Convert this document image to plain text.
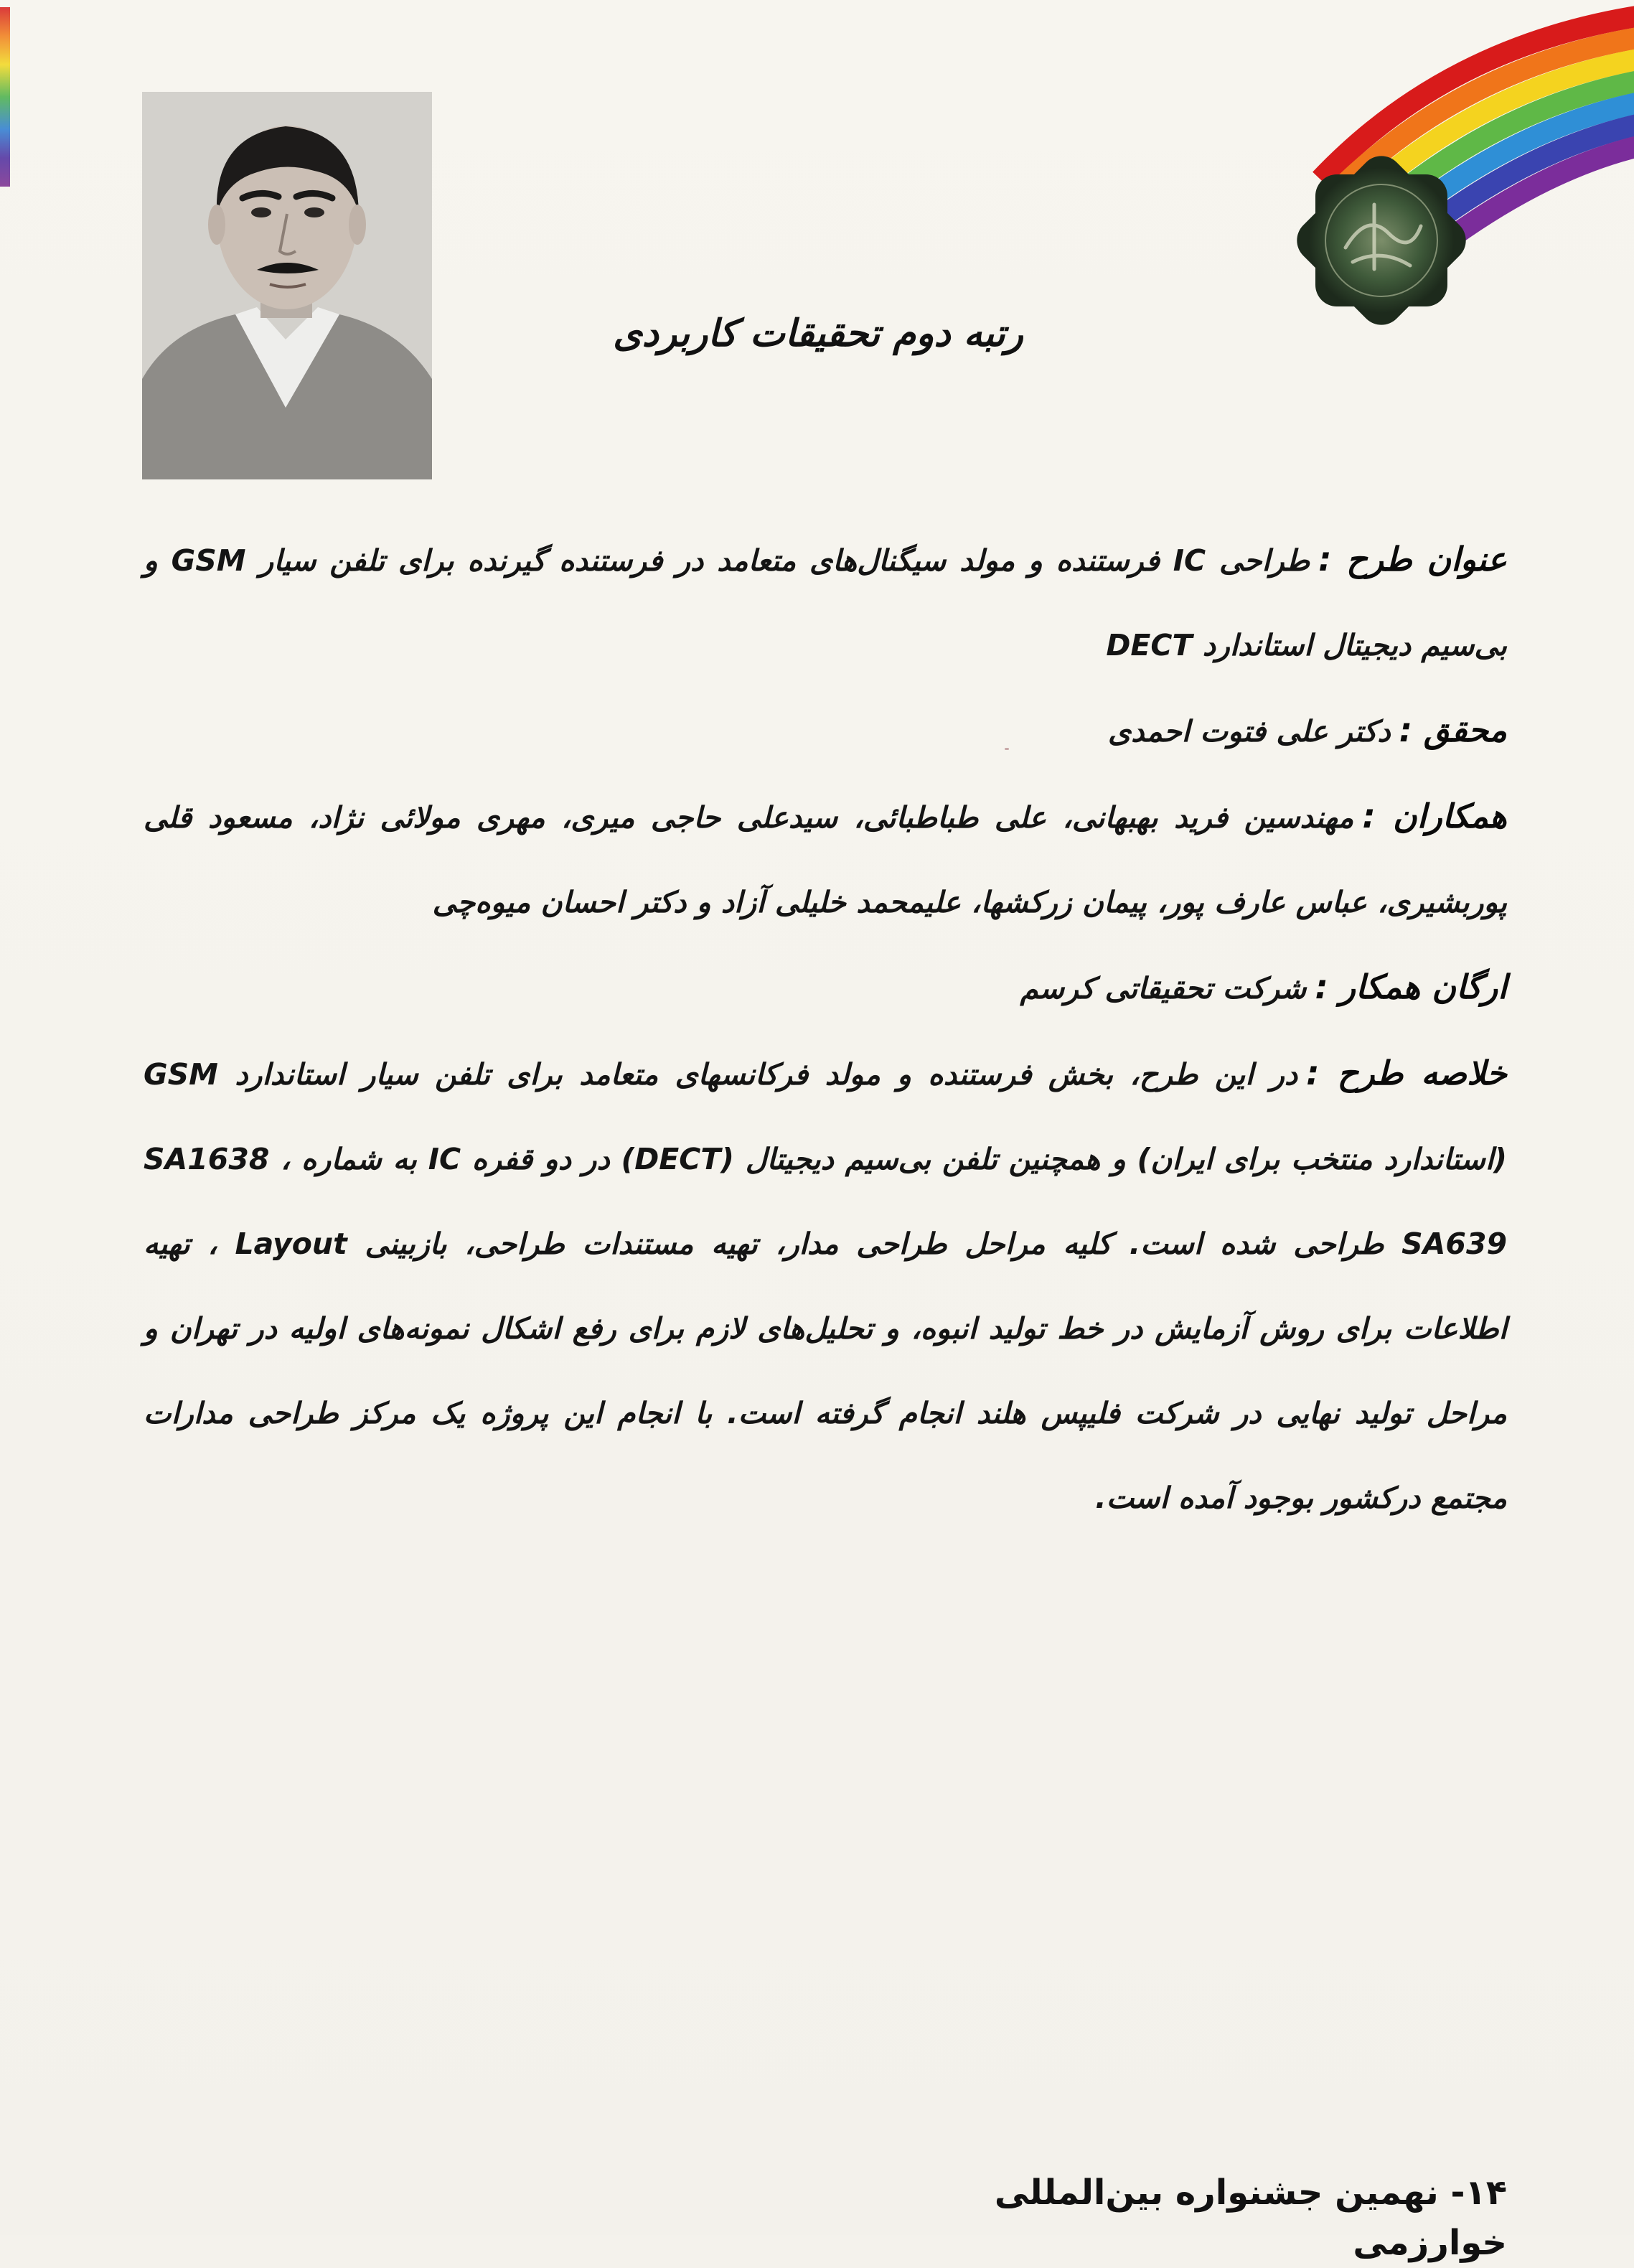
رتبه دوم تحقیقات کاربردی

عنوان طرح :طراحی IC فرستنده و مولد سیگنال‌های متعامد در فرستنده گیرنده برای تلفن سیار GSM و بی‌سیم دیجیتال استاندارد DECT

محقق :دکتر علی فتوت احمدی

همکاران :مهندسین فرید بهبهانی، علی طباطبائی، سیدعلی حاجی میری، مهری مولائی نژاد، مسعود قلی پوربشیری، عباس عارف پور، پیمان زرکشها، علیمحمد خلیلی آزاد و دکتر احسان میوه‌چی

ارگان همکار :شرکت تحقیقاتی کرسم

خلاصه طرح :در این طرح، بخش فرستنده و مولد فرکانسهای متعامد برای تلفن سیار استاندارد GSM (استاندارد منتخب برای ایران) و همچنین تلفن بی‌سیم دیجیتال (DECT) در دو قفره IC به شماره SA1638 ، SA639 طراحی شده است. کلیه مراحل طراحی مدار، تهیه مستندات طراحی، بازبینی Layout ، تهیه اطلاعات برای روش آزمایش در خط تولید انبوه، و تحلیل‌های لازم برای رفع اشکال نمونه‌های اولیه در تهران و مراحل تولید نهایی در شرکت فلیپس هلند انجام گرفته است. با انجام این پروژه یک مرکز طراحی مدارات مجتمع درکشور بوجود آمده است.

۱۴- نهمین جشنواره بین‌المللی خوارزمی
